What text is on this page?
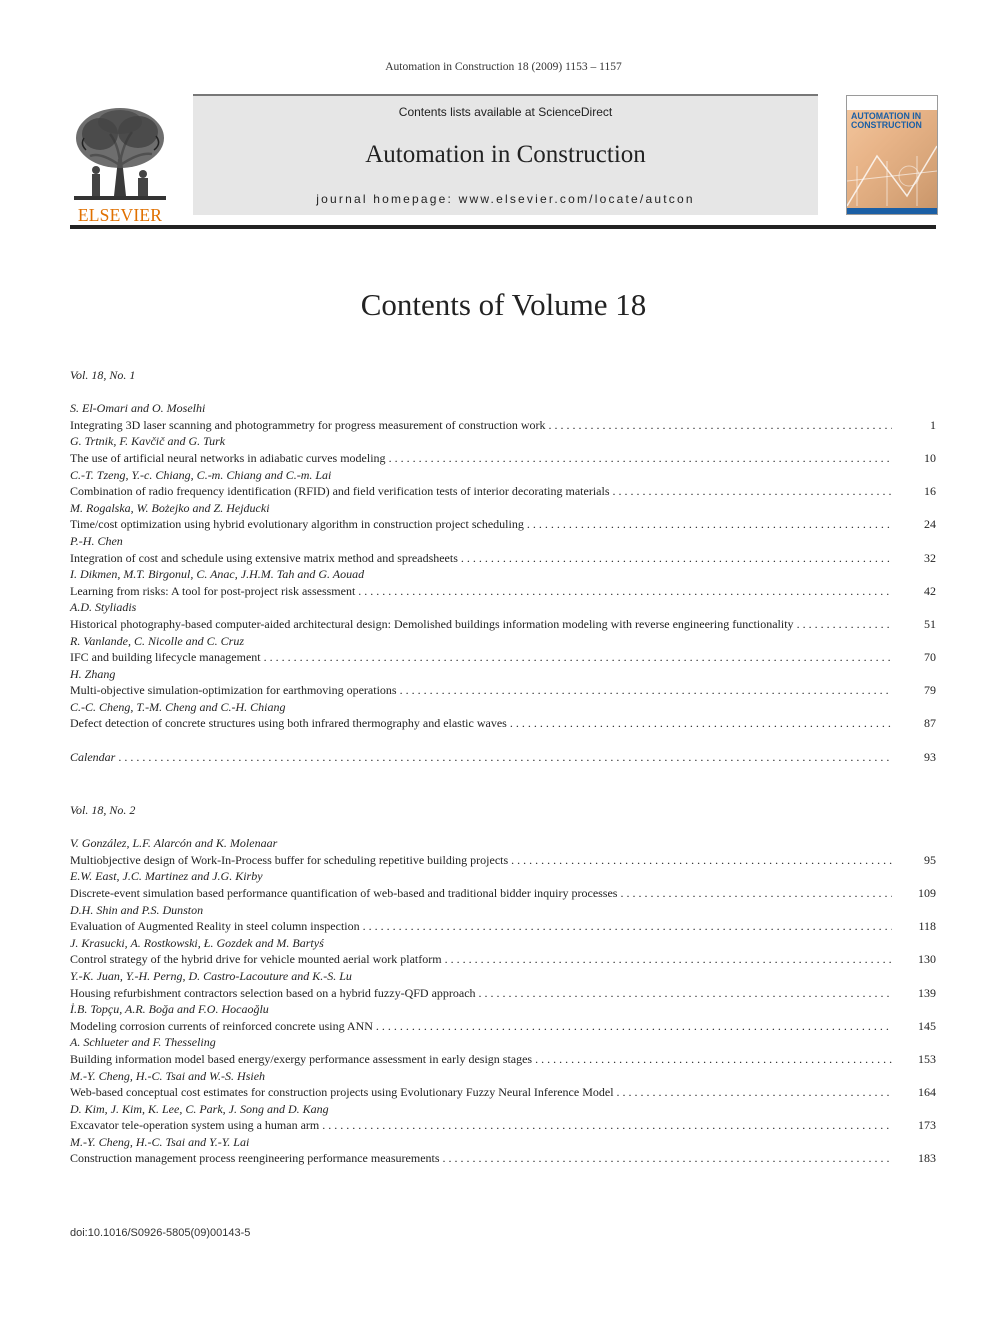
Automation in Construction 18 (2009) 1153 – 1157
ELSEVIER
Contents lists available at ScienceDirect
Automation in Construction
journal homepage: www.elsevier.com/locate/autcon
AUTOMATION IN
CONSTRUCTION
Contents of Volume 18
Vol. 18, No. 1
S. El-Omari and O. Moselhi
Integrating 3D laser scanning and photogrammetry for progress measurement of construction work . . .	1
G. Trtnik, F. Kavčič and G. Turk
The use of artificial neural networks in adiabatic curves modeling . . .	10
C.-T. Tzeng, Y.-c. Chiang, C.-m. Chiang and C.-m. Lai
Combination of radio frequency identification (RFID) and field verification tests of interior decorating materials . . .	16
M. Rogalska, W. Bożejko and Z. Hejducki
Time/cost optimization using hybrid evolutionary algorithm in construction project scheduling . . .	24
P.-H. Chen
Integration of cost and schedule using extensive matrix method and spreadsheets . . .	32
I. Dikmen, M.T. Birgonul, C. Anac, J.H.M. Tah and G. Aouad
Learning from risks: A tool for post-project risk assessment . . .	42
A.D. Styliadis
Historical photography-based computer-aided architectural design: Demolished buildings information modeling with reverse engineering functionality . . .	51
R. Vanlande, C. Nicolle and C. Cruz
IFC and building lifecycle management . . .	70
H. Zhang
Multi-objective simulation-optimization for earthmoving operations . . .	79
C.-C. Cheng, T.-M. Cheng and C.-H. Chiang
Defect detection of concrete structures using both infrared thermography and elastic waves . . .	87
Calendar . . .	93
Vol. 18, No. 2
V. González, L.F. Alarcón and K. Molenaar
Multiobjective design of Work-In-Process buffer for scheduling repetitive building projects . . .	95
E.W. East, J.C. Martinez and J.G. Kirby
Discrete-event simulation based performance quantification of web-based and traditional bidder inquiry processes . . .	109
D.H. Shin and P.S. Dunston
Evaluation of Augmented Reality in steel column inspection . . .	118
J. Krasucki, A. Rostkowski, Ł. Gozdek and M. Bartyś
Control strategy of the hybrid drive for vehicle mounted aerial work platform . . .	130
Y.-K. Juan, Y.-H. Perng, D. Castro-Lacouture and K.-S. Lu
Housing refurbishment contractors selection based on a hybrid fuzzy-QFD approach . . .	139
İ.B. Topçu, A.R. Boğa and F.O. Hocaoğlu
Modeling corrosion currents of reinforced concrete using ANN . . .	145
A. Schlueter and F. Thesseling
Building information model based energy/exergy performance assessment in early design stages . . .	153
M.-Y. Cheng, H.-C. Tsai and W.-S. Hsieh
Web-based conceptual cost estimates for construction projects using Evolutionary Fuzzy Neural Inference Model . . .	164
D. Kim, J. Kim, K. Lee, C. Park, J. Song and D. Kang
Excavator tele-operation system using a human arm . . .	173
M.-Y. Cheng, H.-C. Tsai and Y.-Y. Lai
Construction management process reengineering performance measurements . . .	183
doi:10.1016/S0926-5805(09)00143-5
